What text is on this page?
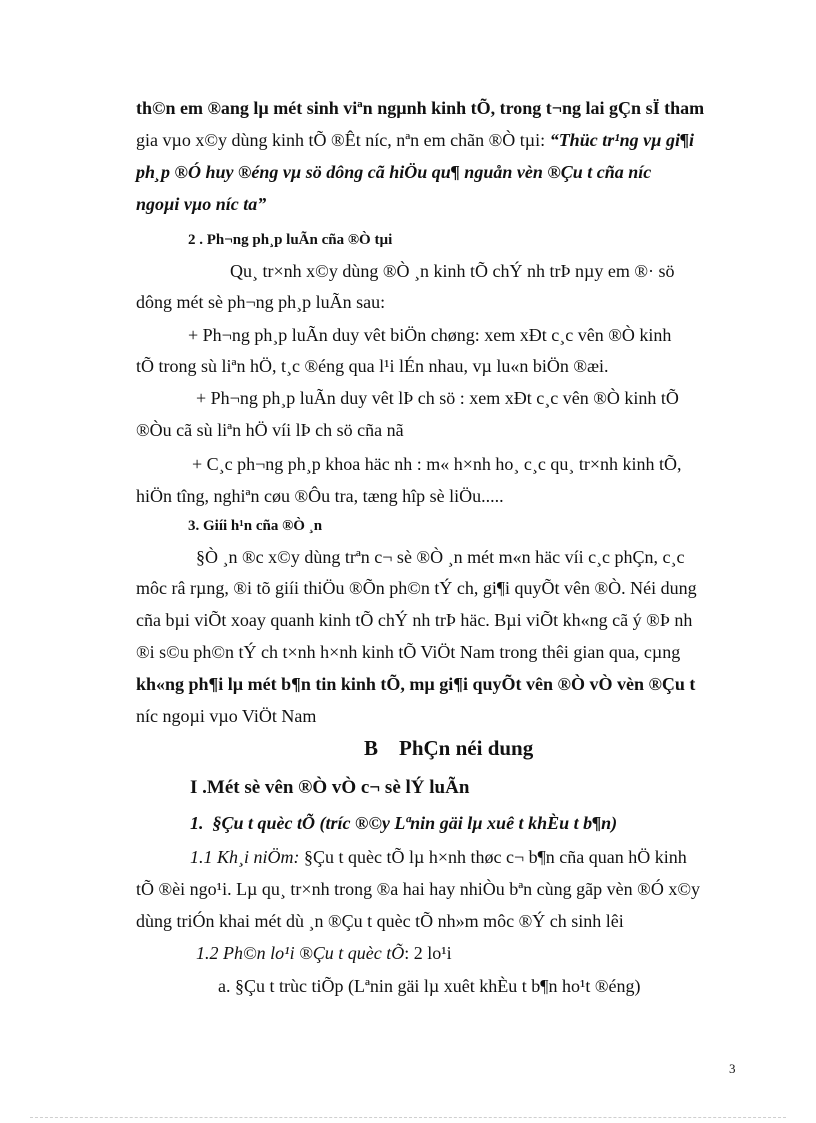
th©n em ®ang lµ mét sinh viªn ngµnh kinh tÕ, trong t¬ng lai gÇn sÏ tham
gia vµo x©y dùng kinh tÕ ®Êt níc, nªn em chãn ®Ò tµi: “Thüc tr¹ng vµ gi¶i
ph¸p ®Ó huy ®éng vµ sö dông cã hiÖu qu¶ nguån vèn ®Çu t cña níc
ngoµi vµo níc ta”
2 . Ph¬ng ph¸p luÃn cña ®Ò tµi
Qu¸ tr×nh x©y dùng ®Ò ¸n kinh tÕ chÝ nh trÞ nµy em ®· sö
dông mét sè ph¬ng ph¸p luÃn sau:
+ Ph¬ng ph¸p luÃn duy vêt biÖn chøng: xem xÐt c¸c vên ®Ò kinh
tÕ trong sù liªn hÖ, t¸c ®éng qua l¹i lÉn nhau, vµ lu«n biÖn ®æi.
+ Ph¬ng ph¸p luÃn duy vêt lÞ ch sö : xem xÐt c¸c vên ®Ò kinh tÕ
®Òu cã sù liªn hÖ víi lÞ ch sö cña nã
+ C¸c ph¬ng ph¸p khoa häc nh : m« h×nh ho¸ c¸c qu¸ tr×nh kinh tÕ,
hiÖn tîng, nghiªn cøu ®Ôu tra, tæng hîp sè liÖu.....
3. Giíi h¹n cña ®Ò ¸n
§Ò ¸n ®c x©y dùng trªn c¬ sè ®Ò ¸n mét m«n häc víi c¸c phÇn, c¸c
môc râ rµng, ®i tõ giíi thiÖu ®Õn ph©n tÝ ch, gi¶i quyÕt vên ®Ò. Néi dung
cña bµi viÕt xoay quanh kinh tÕ chÝ nh trÞ häc. Bµi viÕt kh«ng cã ý ®Þ nh
®i s©u ph©n tÝ ch t×nh h×nh kinh tÕ ViÖt Nam trong thêi gian qua, cµng
kh«ng ph¶i lµ mét b¶n tin kinh tÕ, mµ gi¶i quyÕt vên ®Ò vÒ vèn ®Çu t
níc ngoµi vµo ViÖt Nam
B    PhÇn néi dung
I .Mét sè vên ®Ò vÒ c¬ sè lÝ luÃn
1.  §Çu t quèc tÕ (tríc ®©y Lªnin gäi lµ xuê t khÈu t b¶n)
1.1 Kh¸i niÖm: §Çu t quèc tÕ lµ h×nh thøc c¬ b¶n cña quan hÖ kinh
tÕ ®èi ngo¹i. Lµ qu¸ tr×nh trong ®a hai hay nhiÒu bªn cùng gãp vèn ®Ó x©y
dùng triÓn khai mét dù ¸n ®Çu t quèc tÕ nh»m môc ®Ý ch sinh lêi
1.2 Ph©n lo¹i ®Çu t quèc tÕ: 2 lo¹i
a. §Çu t trùc tiÕp (Lªnin gäi lµ xuêt khÈu t b¶n ho¹t ®éng)
3
